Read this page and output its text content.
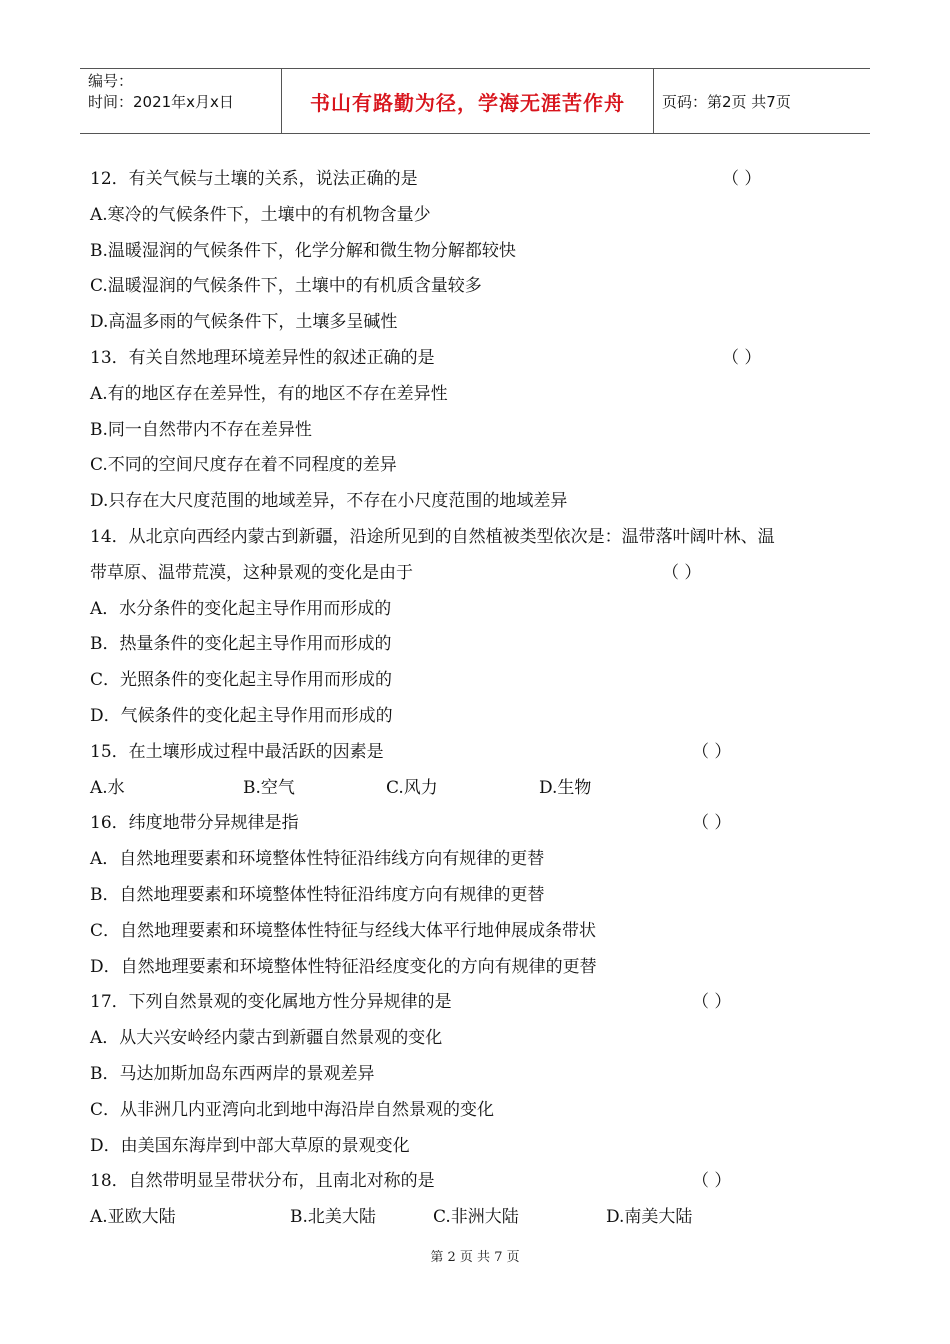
编号：
时间：2021年x月x日	书山有路勤为径，学海无涯苦作舟	页码：第2页 共7页
12．有关气候与土壤的关系，说法正确的是	（ ）
A.寒冷的气候条件下，土壤中的有机物含量少
B.温暖湿润的气候条件下，化学分解和微生物分解都较快
C.温暖湿润的气候条件下，土壤中的有机质含量较多
D.高温多雨的气候条件下，土壤多呈碱性
13．有关自然地理环境差异性的叙述正确的是	（ ）
A.有的地区存在差异性，有的地区不存在差异性
B.同一自然带内不存在差异性
C.不同的空间尺度存在着不同程度的差异
D.只存在大尺度范围的地域差异，不存在小尺度范围的地域差异
14．从北京向西经内蒙古到新疆，沿途所见到的自然植被类型依次是：温带落叶阔叶林、温
带草原、温带荒漠，这种景观的变化是由于	（ ）
A．水分条件的变化起主导作用而形成的
B．热量条件的变化起主导作用而形成的
C．光照条件的变化起主导作用而形成的
D．气候条件的变化起主导作用而形成的
15．在土壤形成过程中最活跃的因素是	（ ）
A.水	B.空气	C.风力	D.生物
16．纬度地带分异规律是指	（ ）
A．自然地理要素和环境整体性特征沿纬线方向有规律的更替
B．自然地理要素和环境整体性特征沿纬度方向有规律的更替
C．自然地理要素和环境整体性特征与经线大体平行地伸展成条带状
D．自然地理要素和环境整体性特征沿经度变化的方向有规律的更替
17．下列自然景观的变化属地方性分异规律的是	（ ）
A．从大兴安岭经内蒙古到新疆自然景观的变化
B．马达加斯加岛东西两岸的景观差异
C．从非洲几内亚湾向北到地中海沿岸自然景观的变化
D．由美国东海岸到中部大草原的景观变化
18．自然带明显呈带状分布，且南北对称的是	（ ）
A.亚欧大陆	B.北美大陆	C.非洲大陆	D.南美大陆
第 2 页 共 7 页
